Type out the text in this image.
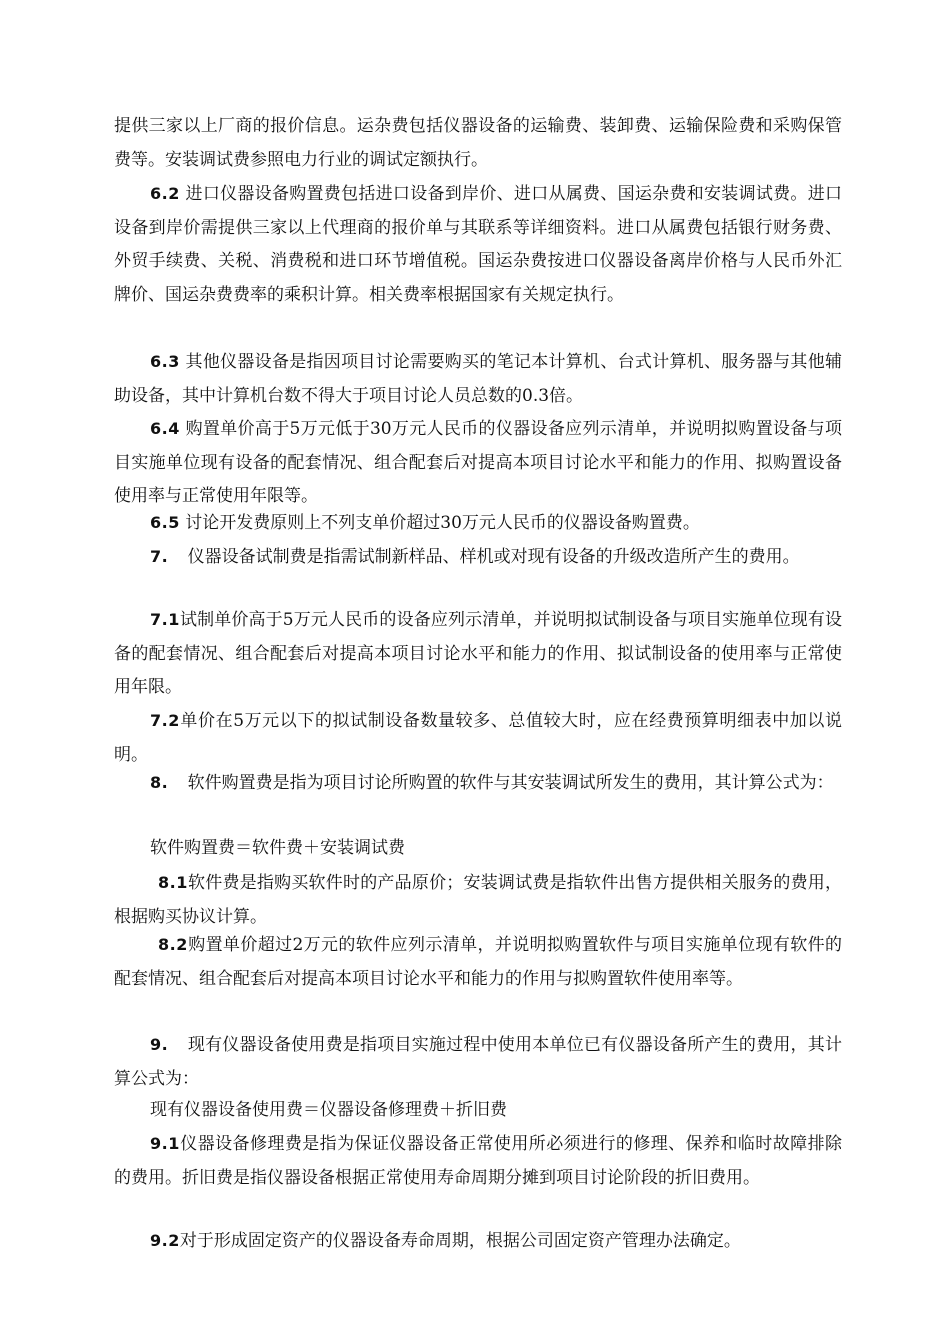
提供三家以上厂商的报价信息。运杂费包括仪器设备的运输费、装卸费、运输保险费和采购保管费等。安装调试费参照电力行业的调试定额执行。

6.2 进口仪器设备购置费包括进口设备到岸价、进口从属费、国运杂费和安装调试费。进口设备到岸价需提供三家以上代理商的报价单与其联系等详细资料。进口从属费包括银行财务费、外贸手续费、关税、消费税和进口环节增值税。国运杂费按进口仪器设备离岸价格与人民币外汇牌价、国运杂费费率的乘积计算。相关费率根据国家有关规定执行。

6.3 其他仪器设备是指因项目讨论需要购买的笔记本计算机、台式计算机、服务器与其他辅助设备，其中计算机台数不得大于项目讨论人员总数的0.3倍。

6.4 购置单价高于5万元低于30万元人民币的仪器设备应列示清单，并说明拟购置设备与项目实施单位现有设备的配套情况、组合配套后对提高本项目讨论水平和能力的作用、拟购置设备使用率与正常使用年限等。

6.5 讨论开发费原则上不列支单价超过30万元人民币的仪器设备购置费。

7. 仪器设备试制费是指需试制新样品、样机或对现有设备的升级改造所产生的费用。

7.1试制单价高于5万元人民币的设备应列示清单，并说明拟试制设备与项目实施单位现有设备的配套情况、组合配套后对提高本项目讨论水平和能力的作用、拟试制设备的使用率与正常使用年限。

7.2单价在5万元以下的拟试制设备数量较多、总值较大时，应在经费预算明细表中加以说明。

8. 软件购置费是指为项目讨论所购置的软件与其安装调试所发生的费用，其计算公式为：

软件购置费＝软件费＋安装调试费

8.1软件费是指购买软件时的产品原价；安装调试费是指软件出售方提供相关服务的费用，根据购买协议计算。

8.2购置单价超过2万元的软件应列示清单，并说明拟购置软件与项目实施单位现有软件的配套情况、组合配套后对提高本项目讨论水平和能力的作用与拟购置软件使用率等。

9. 现有仪器设备使用费是指项目实施过程中使用本单位已有仪器设备所产生的费用，其计算公式为：

现有仪器设备使用费＝仪器设备修理费＋折旧费

9.1仪器设备修理费是指为保证仪器设备正常使用所必须进行的修理、保养和临时故障排除的费用。折旧费是指仪器设备根据正常使用寿命周期分摊到项目讨论阶段的折旧费用。

9.2对于形成固定资产的仪器设备寿命周期，根据公司固定资产管理办法确定。
